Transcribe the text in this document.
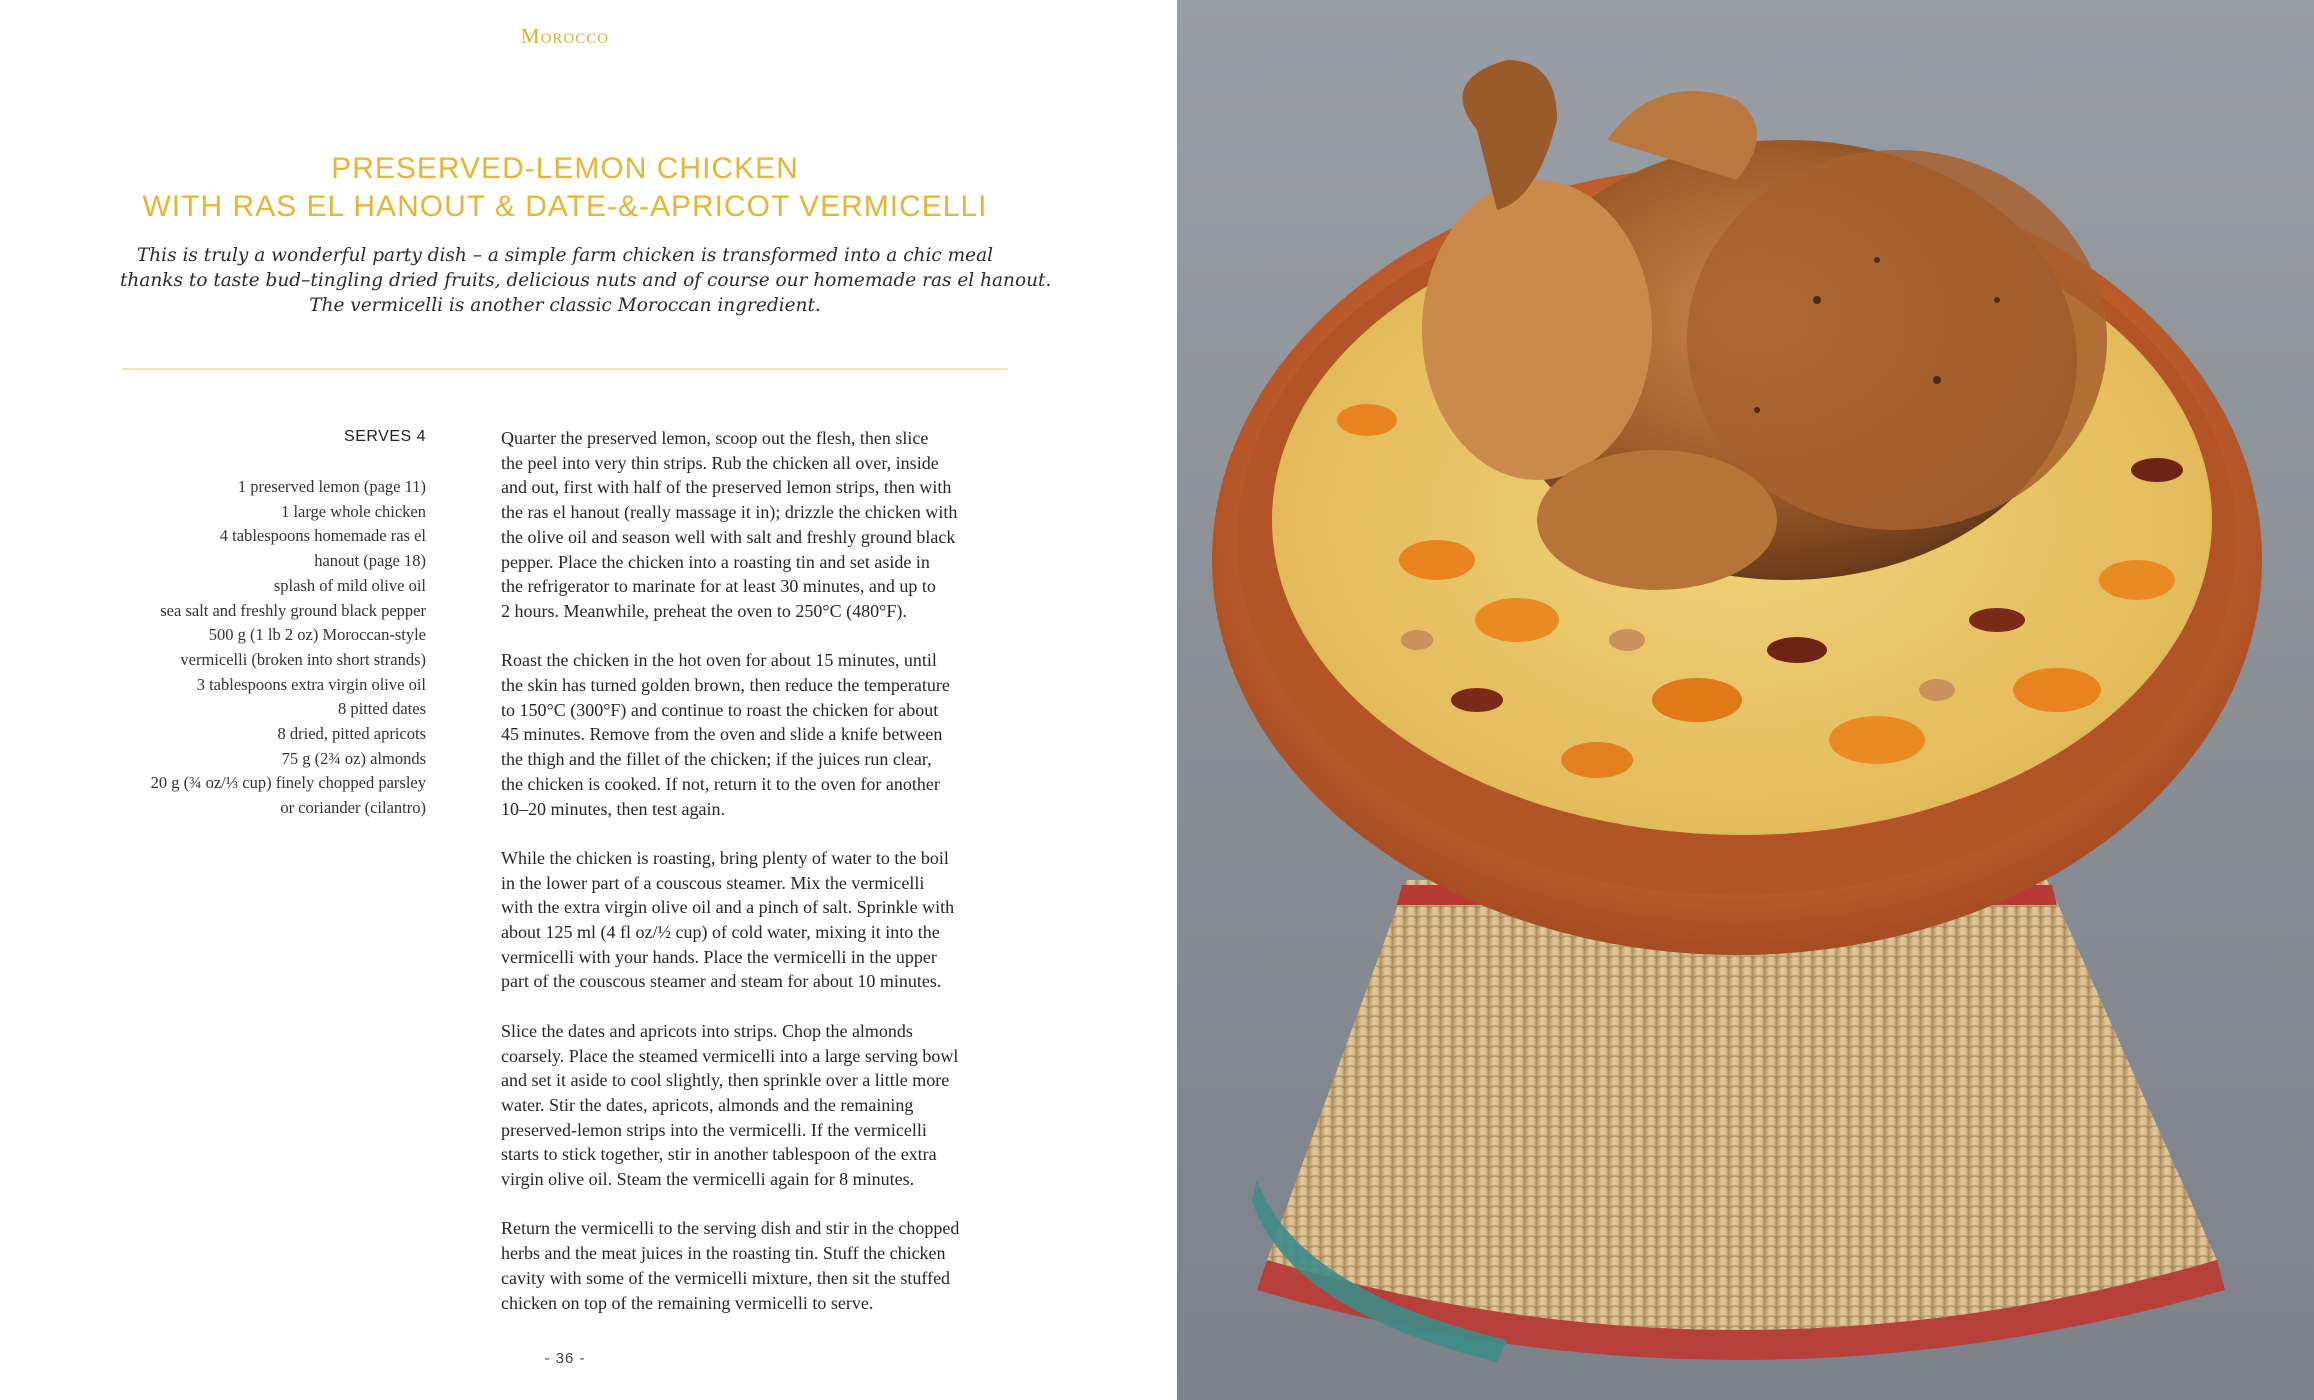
Morocco
PRESERVED-LEMON CHICKEN
WITH RAS EL HANOUT & DATE-&-APRICOT VERMICELLI
This is truly a wonderful party dish – a simple farm chicken is transformed into a chic meal
thanks to taste bud–tingling dried fruits, delicious nuts and of course our homemade ras el hanout.
The vermicelli is another classic Moroccan ingredient.
SERVES 4
1 preserved lemon (page 11)
1 large whole chicken
4 tablespoons homemade ras el
hanout (page 18)
splash of mild olive oil
sea salt and freshly ground black pepper
500 g (1 lb 2 oz) Moroccan-style
vermicelli (broken into short strands)
3 tablespoons extra virgin olive oil
8 pitted dates
8 dried, pitted apricots
75 g (2¾ oz) almonds
20 g (¾ oz/⅓ cup) finely chopped parsley
or coriander (cilantro)

Quarter the preserved lemon, scoop out the flesh, then slice
the peel into very thin strips. Rub the chicken all over, inside
and out, first with half of the preserved lemon strips, then with
the ras el hanout (really massage it in); drizzle the chicken with
the olive oil and season well with salt and freshly ground black
pepper. Place the chicken into a roasting tin and set aside in
the refrigerator to marinate for at least 30 minutes, and up to
2 hours. Meanwhile, preheat the oven to 250°C (480°F).

Roast the chicken in the hot oven for about 15 minutes, until
the skin has turned golden brown, then reduce the temperature
to 150°C (300°F) and continue to roast the chicken for about
45 minutes. Remove from the oven and slide a knife between
the thigh and the fillet of the chicken; if the juices run clear,
the chicken is cooked. If not, return it to the oven for another
10–20 minutes, then test again.

While the chicken is roasting, bring plenty of water to the boil
in the lower part of a couscous steamer. Mix the vermicelli
with the extra virgin olive oil and a pinch of salt. Sprinkle with
about 125 ml (4 fl oz/½ cup) of cold water, mixing it into the
vermicelli with your hands. Place the vermicelli in the upper
part of the couscous steamer and steam for about 10 minutes.

Slice the dates and apricots into strips. Chop the almonds
coarsely. Place the steamed vermicelli into a large serving bowl
and set it aside to cool slightly, then sprinkle over a little more
water. Stir the dates, apricots, almonds and the remaining
preserved-lemon strips into the vermicelli. If the vermicelli
starts to stick together, stir in another tablespoon of the extra
virgin olive oil. Steam the vermicelli again for 8 minutes.

Return the vermicelli to the serving dish and stir in the chopped
herbs and the meat juices in the roasting tin. Stuff the chicken
cavity with some of the vermicelli mixture, then sit the stuffed
chicken on top of the remaining vermicelli to serve.

- 36 -
